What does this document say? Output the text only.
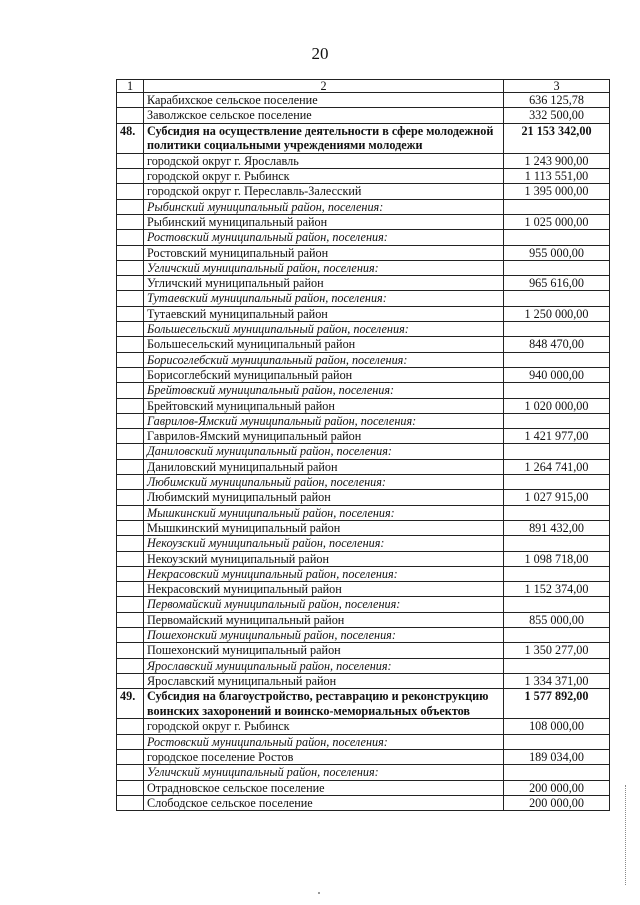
20
1	2	3
	Карабихское сельское поселение	636 125,78
	Заволжское сельское поселение	332 500,00
48.	Субсидия на осуществление деятельности в сфере молодежной политики социальными учреждениями молодежи	21 153 342,00
	городской округ г. Ярославль	1 243 900,00
	городской округ г. Рыбинск	1 113 551,00
	городской округ г. Переславль-Залесский	1 395 000,00
	Рыбинский муниципальный район, поселения:	
	Рыбинский муниципальный район	1 025 000,00
	Ростовский муниципальный район, поселения:	
	Ростовский муниципальный район	955 000,00
	Угличский муниципальный район, поселения:	
	Угличский муниципальный район	965 616,00
	Тутаевский муниципальный район, поселения:	
	Тутаевский муниципальный район	1 250 000,00
	Большесельский муниципальный район, поселения:	
	Большесельский муниципальный район	848 470,00
	Борисоглебский муниципальный район, поселения:	
	Борисоглебский муниципальный район	940 000,00
	Брейтовский муниципальный район, поселения:	
	Брейтовский муниципальный район	1 020 000,00
	Гаврилов-Ямский муниципальный район, поселения:	
	Гаврилов-Ямский муниципальный район	1 421 977,00
	Даниловский муниципальный район, поселения:	
	Даниловский муниципальный район	1 264 741,00
	Любимский муниципальный район, поселения:	
	Любимский муниципальный район	1 027 915,00
	Мышкинский муниципальный район, поселения:	
	Мышкинский муниципальный район	891 432,00
	Некоузский муниципальный район, поселения:	
	Некоузский муниципальный район	1 098 718,00
	Некрасовский муниципальный район, поселения:	
	Некрасовский муниципальный район	1 152 374,00
	Первомайский муниципальный район, поселения:	
	Первомайский муниципальный район	855 000,00
	Пошехонский муниципальный район, поселения:	
	Пошехонский муниципальный район	1 350 277,00
	Ярославский муниципальный район, поселения:	
	Ярославский муниципальный район	1 334 371,00
49.	Субсидия на благоустройство, реставрацию и реконструкцию воинских захоронений и воинско-мемориальных объектов	1 577 892,00
	городской округ г. Рыбинск	108 000,00
	Ростовский муниципальный район, поселения:	
	городское поселение Ростов	189 034,00
	Угличский муниципальный район, поселения:	
	Отрадновское сельское поселение	200 000,00
	Слободское сельское поселение	200 000,00
